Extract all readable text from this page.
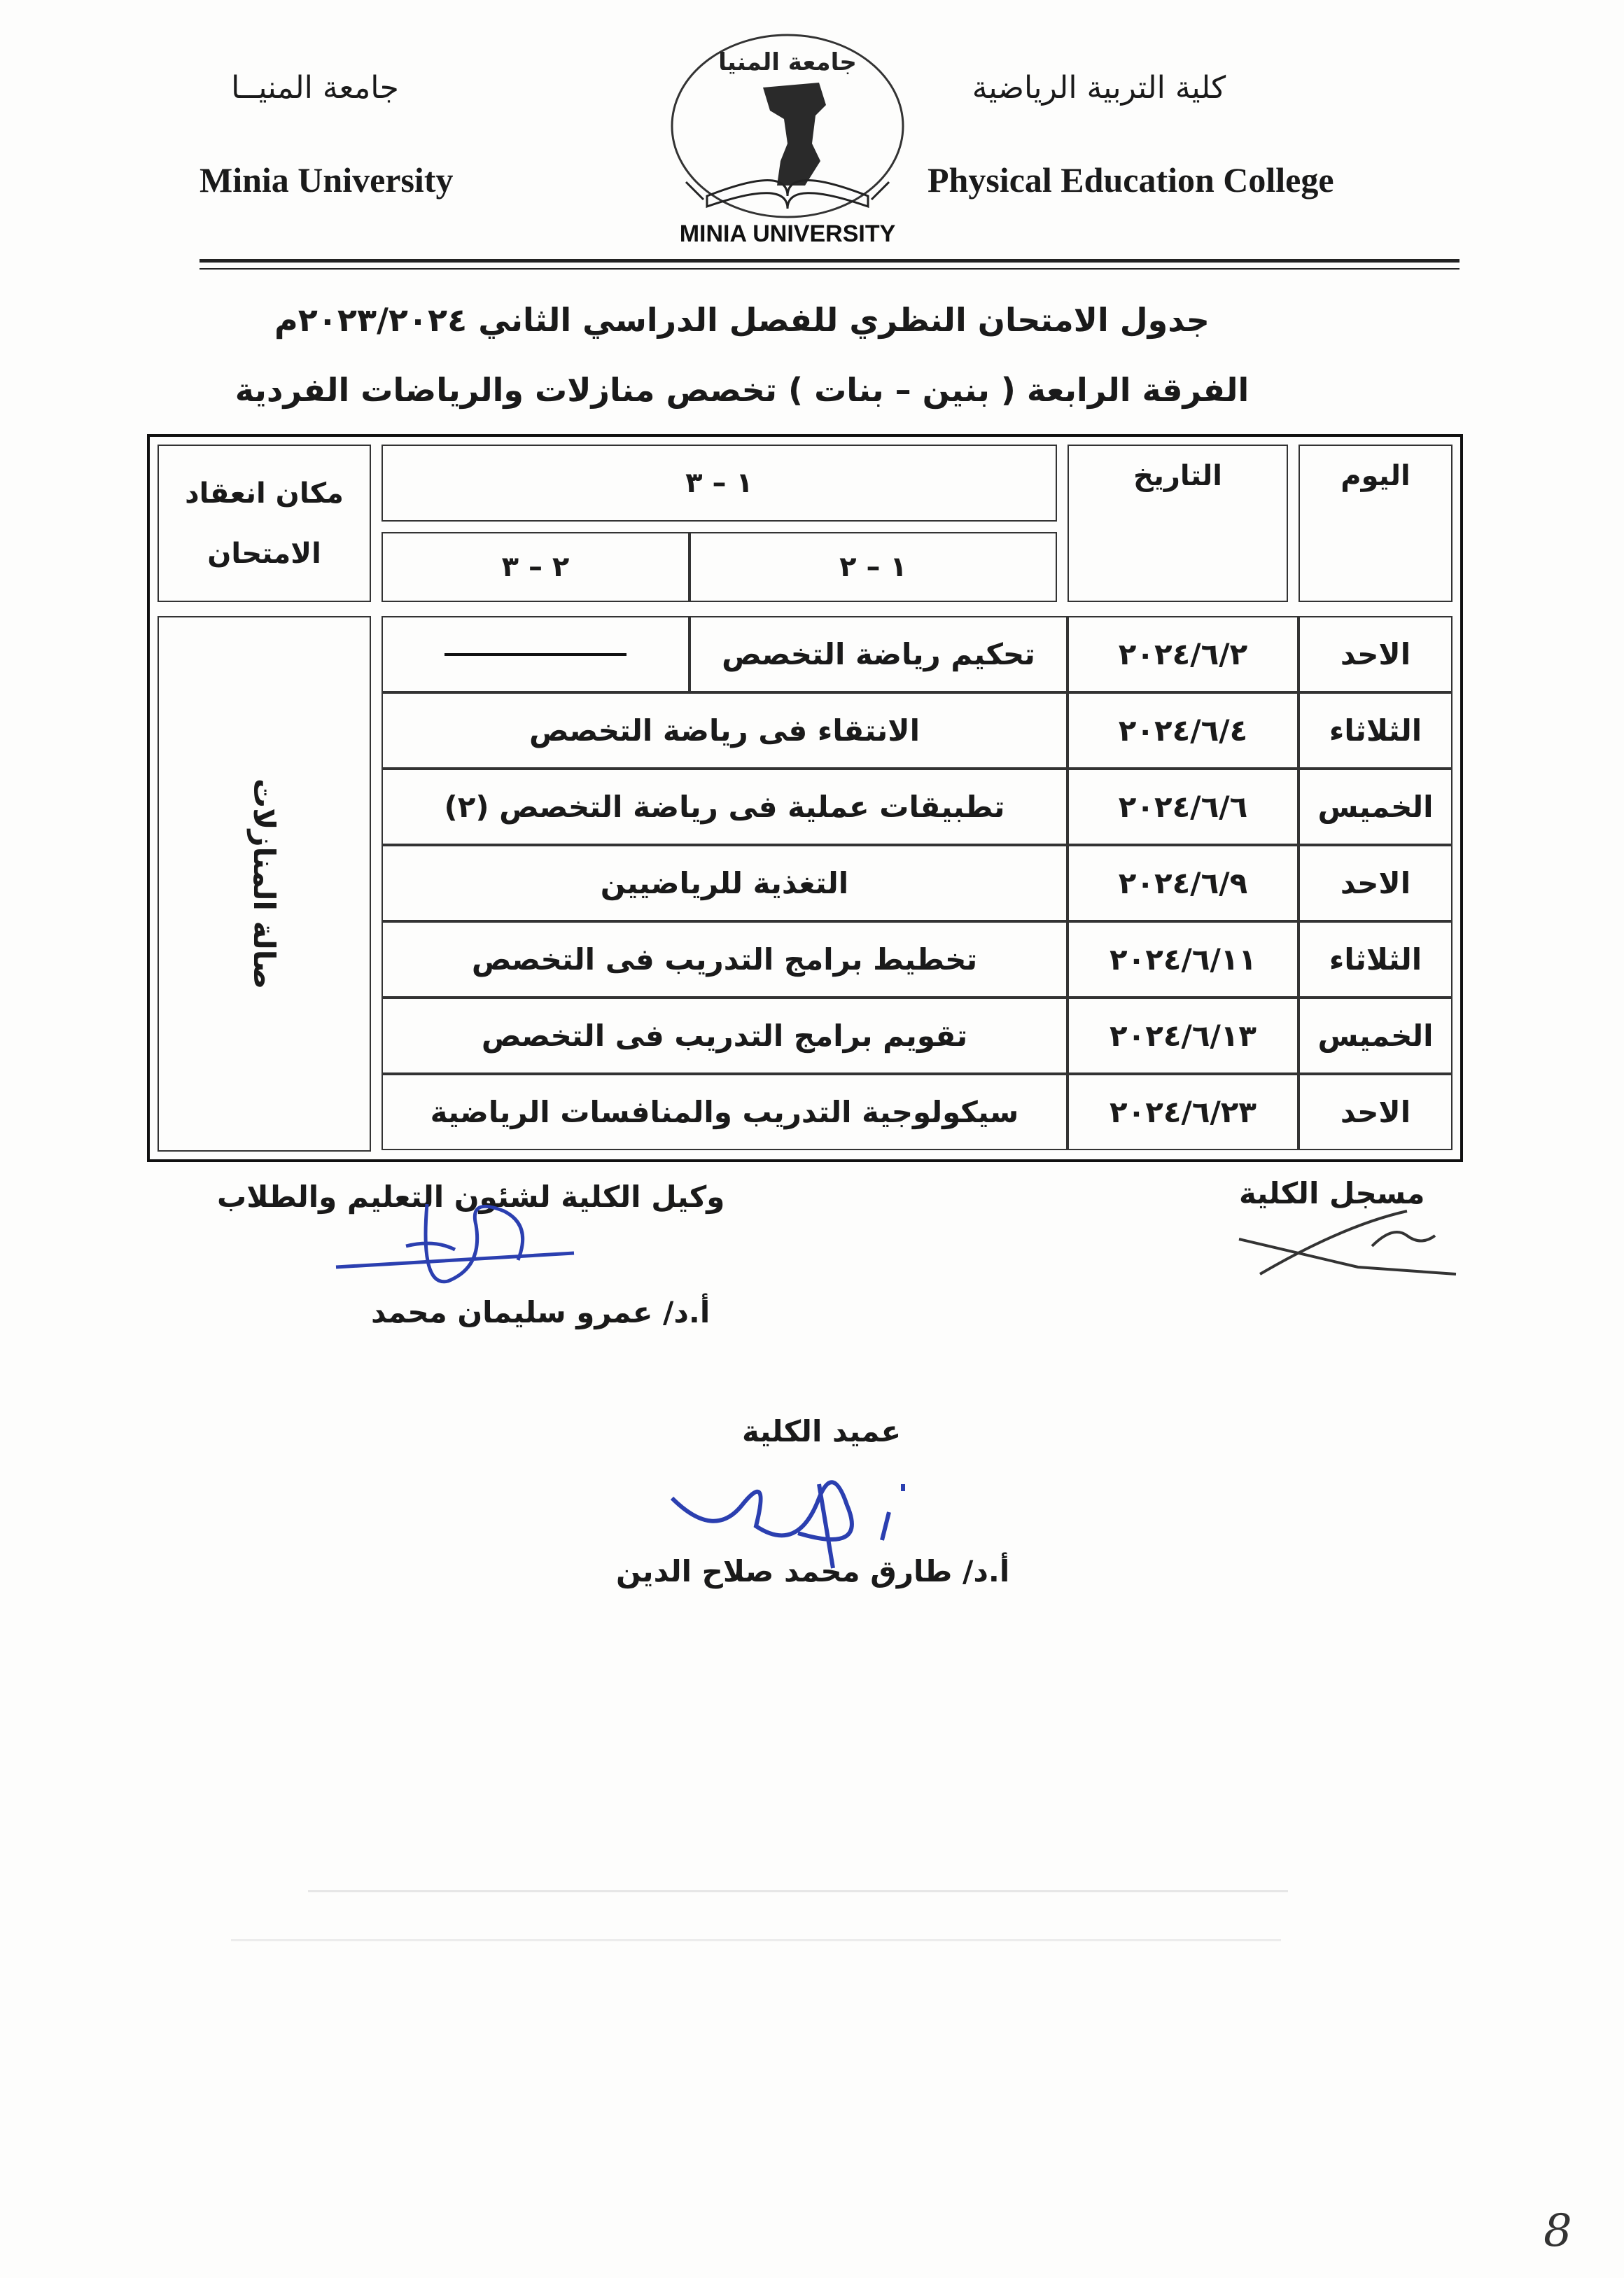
كلية التربية الرياضية
جامعة المنيــا
Minia University	Physical Education College
جامعة المنيا
MINIA UNIVERSITY
جدول الامتحان النظري للفصل الدراسي الثاني ٢٠٢٣/٢٠٢٤م
الفرقة الرابعة ( بنين – بنات ) تخصص منازلات والرياضات الفردية
اليوم
التاريخ
١ – ٣
١ – ٢
٢ – ٣
مكان انعقاد
الامتحان
صالة المنازلات
الاحد
٢٠٢٤/٦/٢
تحكيم رياضة التخصص
الثلاثاء
٢٠٢٤/٦/٤
الانتقاء فى رياضة التخصص
الخميس
٢٠٢٤/٦/٦
تطبيقات عملية فى رياضة التخصص (٢)
الاحد
٢٠٢٤/٦/٩
التغذية للرياضيين
الثلاثاء
٢٠٢٤/٦/١١
تخطيط برامج التدريب فى التخصص
الخميس
٢٠٢٤/٦/١٣
تقويم برامج التدريب فى التخصص
الاحد
٢٠٢٤/٦/٢٣
سيكولوجية التدريب والمنافسات الرياضية
مسجل الكلية
وكيل الكلية لشئون التعليم والطلاب
أ.د/ عمرو سليمان محمد
عميد الكلية
أ.د/ طارق محمد صلاح الدين
8
